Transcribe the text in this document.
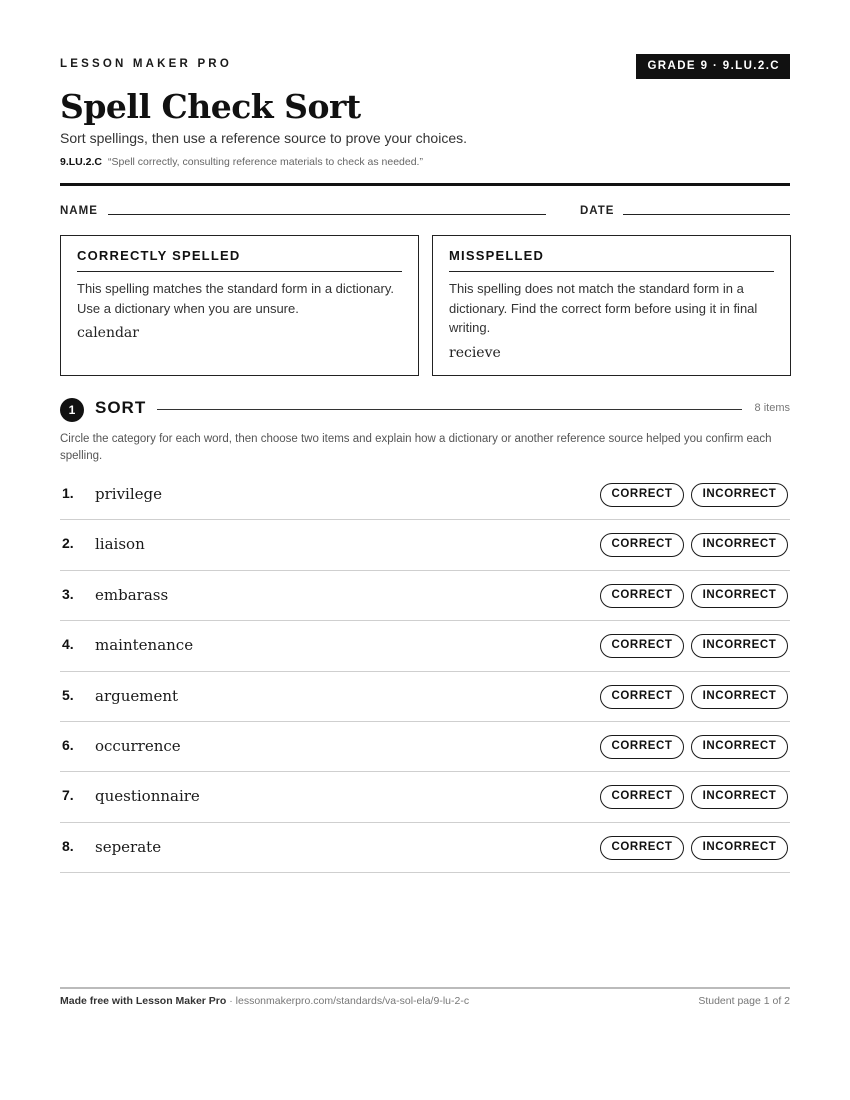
LESSON MAKER PRO	GRADE 9 · 9.LU.2.C
Spell Check Sort
Sort spellings, then use a reference source to prove your choices.
9.LU.2.C “Spell correctly, consulting reference materials to check as needed.”
NAME	DATE
CORRECTLY SPELLED
This spelling matches the standard form in a dictionary. Use a dictionary when you are unsure.
calendar
MISSPELLED
This spelling does not match the standard form in a dictionary. Find the correct form before using it in final writing.
recieve
1	SORT	8 items
Circle the category for each word, then choose two items and explain how a dictionary or another reference source helped you confirm each spelling.
1. privilege	CORRECT	INCORRECT
2. liaison	CORRECT	INCORRECT
3. embarass	CORRECT	INCORRECT
4. maintenance	CORRECT	INCORRECT
5. arguement	CORRECT	INCORRECT
6. occurrence	CORRECT	INCORRECT
7. questionnaire	CORRECT	INCORRECT
8. seperate	CORRECT	INCORRECT
Made free with Lesson Maker Pro · lessonmakerpro.com/standards/va-sol-ela/9-lu-2-c	Student page 1 of 2
